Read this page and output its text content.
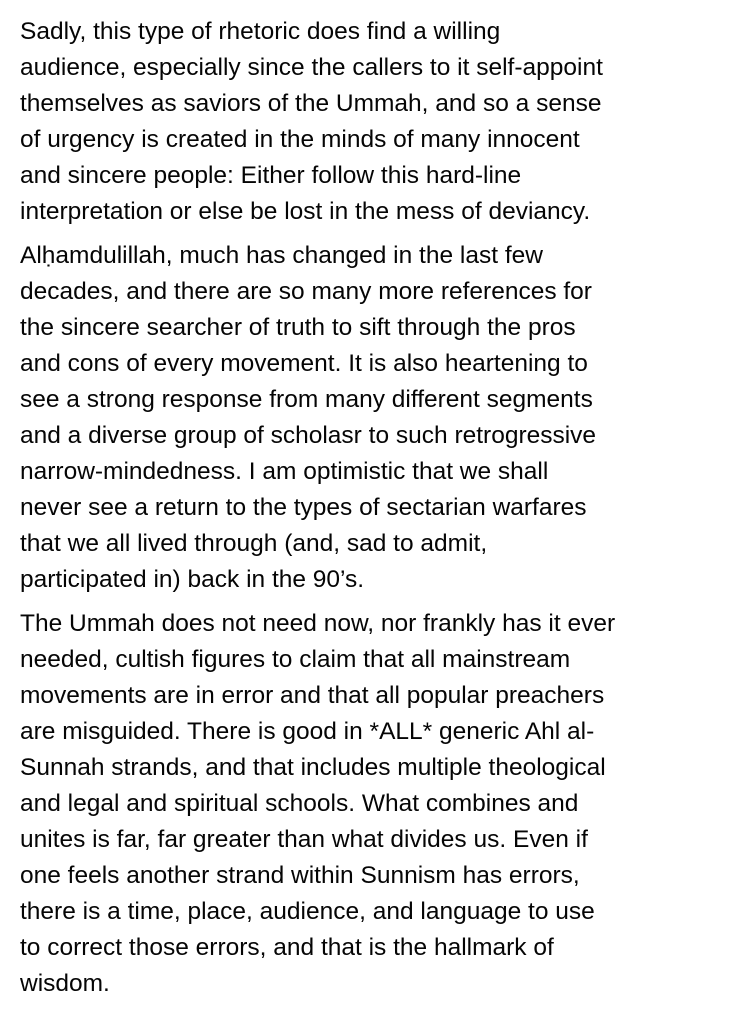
Sadly, this type of rhetoric does find a willing
audience, especially since the callers to it self-appoint
themselves as saviors of the Ummah, and so a sense
of urgency is created in the minds of many innocent
and sincere people: Either follow this hard-line
interpretation or else be lost in the mess of deviancy.

Alḥamdulillah, much has changed in the last few
decades, and there are so many more references for
the sincere searcher of truth to sift through the pros
and cons of every movement. It is also heartening to
see a strong response from many different segments
and a diverse group of scholasr to such retrogressive
narrow-mindedness. I am optimistic that we shall
never see a return to the types of sectarian warfares
that we all lived through (and, sad to admit,
participated in) back in the 90’s.

The Ummah does not need now, nor frankly has it ever
needed, cultish figures to claim that all mainstream
movements are in error and that all popular preachers
are misguided. There is good in *ALL* generic Ahl al-
Sunnah strands, and that includes multiple theological
and legal and spiritual schools. What combines and
unites is far, far greater than what divides us. Even if
one feels another strand within Sunnism has errors,
there is a time, place, audience, and language to use
to correct those errors, and that is the hallmark of
wisdom.
